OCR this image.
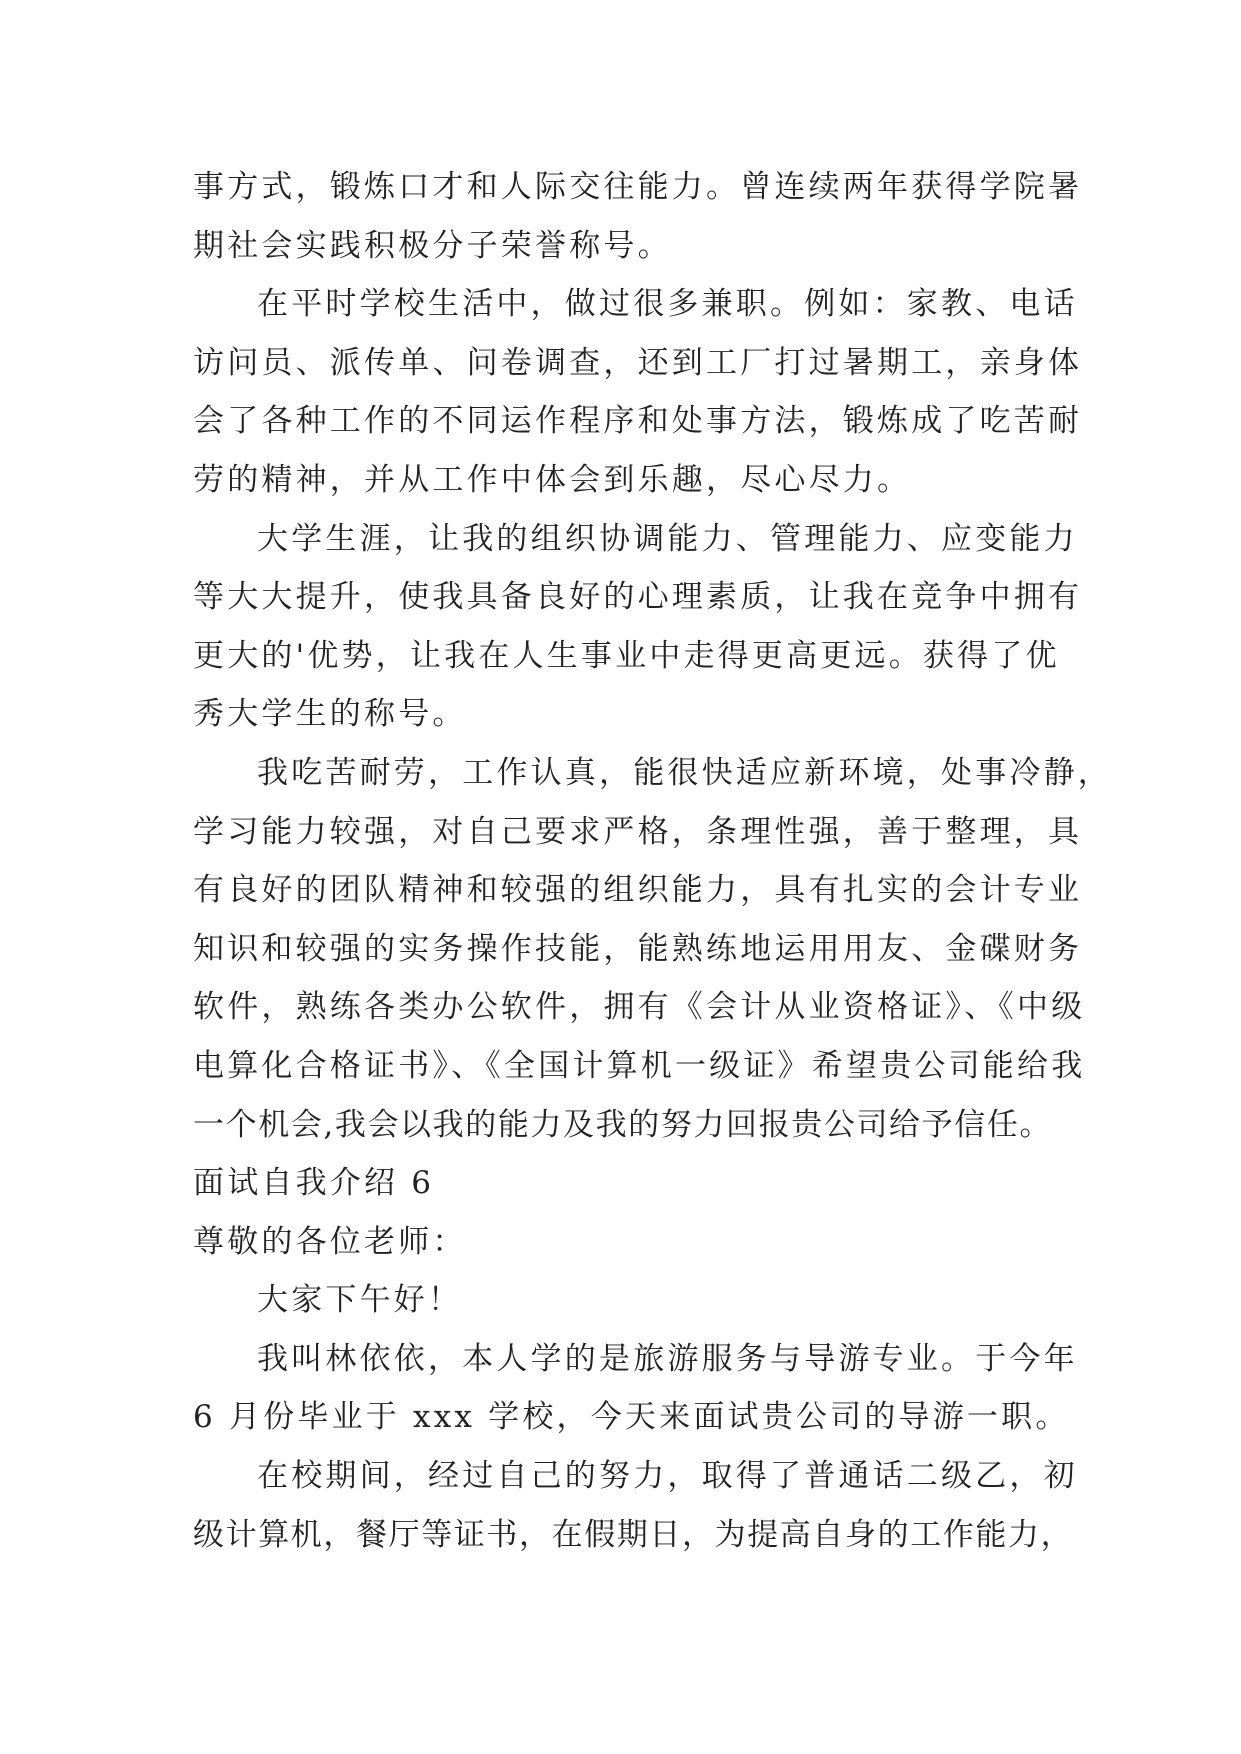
事方式，锻炼口才和人际交往能力。曾连续两年获得学院暑
期社会实践积极分子荣誉称号。
在平时学校生活中，做过很多兼职。例如：家教、电话
访问员、派传单、问卷调查，还到工厂打过暑期工，亲身体
会了各种工作的不同运作程序和处事方法，锻炼成了吃苦耐
劳的精神，并从工作中体会到乐趣，尽心尽力。
大学生涯，让我的组织协调能力、管理能力、应变能力
等大大提升，使我具备良好的心理素质，让我在竞争中拥有
更大的'优势，让我在人生事业中走得更高更远。获得了优
秀大学生的称号。
我吃苦耐劳，工作认真，能很快适应新环境，处事冷静，
学习能力较强，对自己要求严格，条理性强，善于整理，具
有良好的团队精神和较强的组织能力，具有扎实的会计专业
知识和较强的实务操作技能，能熟练地运用用友、金碟财务
软件，熟练各类办公软件，拥有《会计从业资格证》、《中级
电算化合格证书》、《全国计算机一级证》希望贵公司能给我
一个机会,我会以我的能力及我的努力回报贵公司给予信任。
面试自我介绍 6
尊敬的各位老师：
大家下午好！
我叫林依依，本人学的是旅游服务与导游专业。于今年
6 月份毕业于 xxx 学校，今天来面试贵公司的导游一职。
在校期间，经过自己的努力，取得了普通话二级乙，初
级计算机，餐厅等证书，在假期日，为提高自身的工作能力，
